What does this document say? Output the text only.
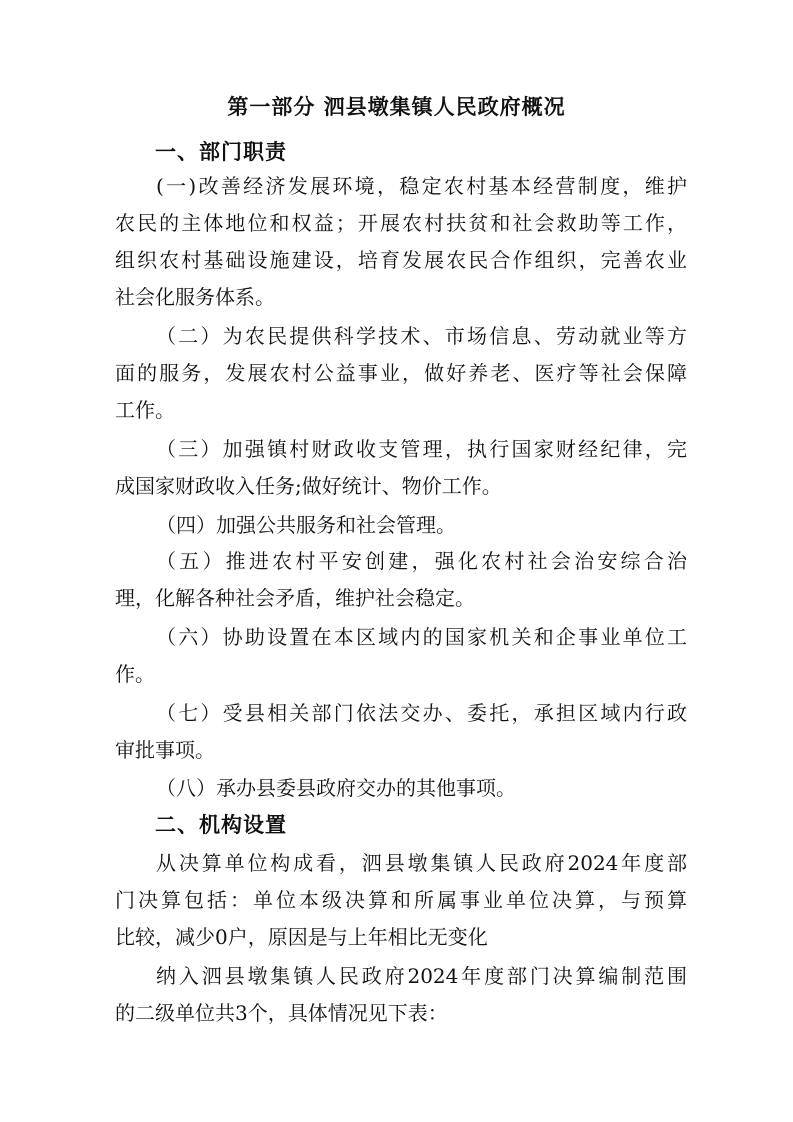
第一部分 泗县墩集镇人民政府概况
一、部门职责
(一)改善经济发展环境，稳定农村基本经营制度，维护
农民的主体地位和权益；开展农村扶贫和社会救助等工作，
组织农村基础设施建设，培育发展农民合作组织，完善农业
社会化服务体系。
（二）为农民提供科学技术、市场信息、劳动就业等方
面的服务，发展农村公益事业，做好养老、医疗等社会保障
工作。
（三）加强镇村财政收支管理，执行国家财经纪律，完
成国家财政收入任务;做好统计、物价工作。
（四）加强公共服务和社会管理。
（五）推进农村平安创建，强化农村社会治安综合治
理，化解各种社会矛盾，维护社会稳定。
（六）协助设置在本区域内的国家机关和企事业单位工
作。
（七）受县相关部门依法交办、委托，承担区域内行政
审批事项。
（八）承办县委县政府交办的其他事项。
二、机构设置
从决算单位构成看，泗县墩集镇人民政府2024年度部
门决算包括：单位本级决算和所属事业单位决算，与预算
比较，减少0户，原因是与上年相比无变化
纳入泗县墩集镇人民政府2024年度部门决算编制范围
的二级单位共3个，具体情况见下表：
